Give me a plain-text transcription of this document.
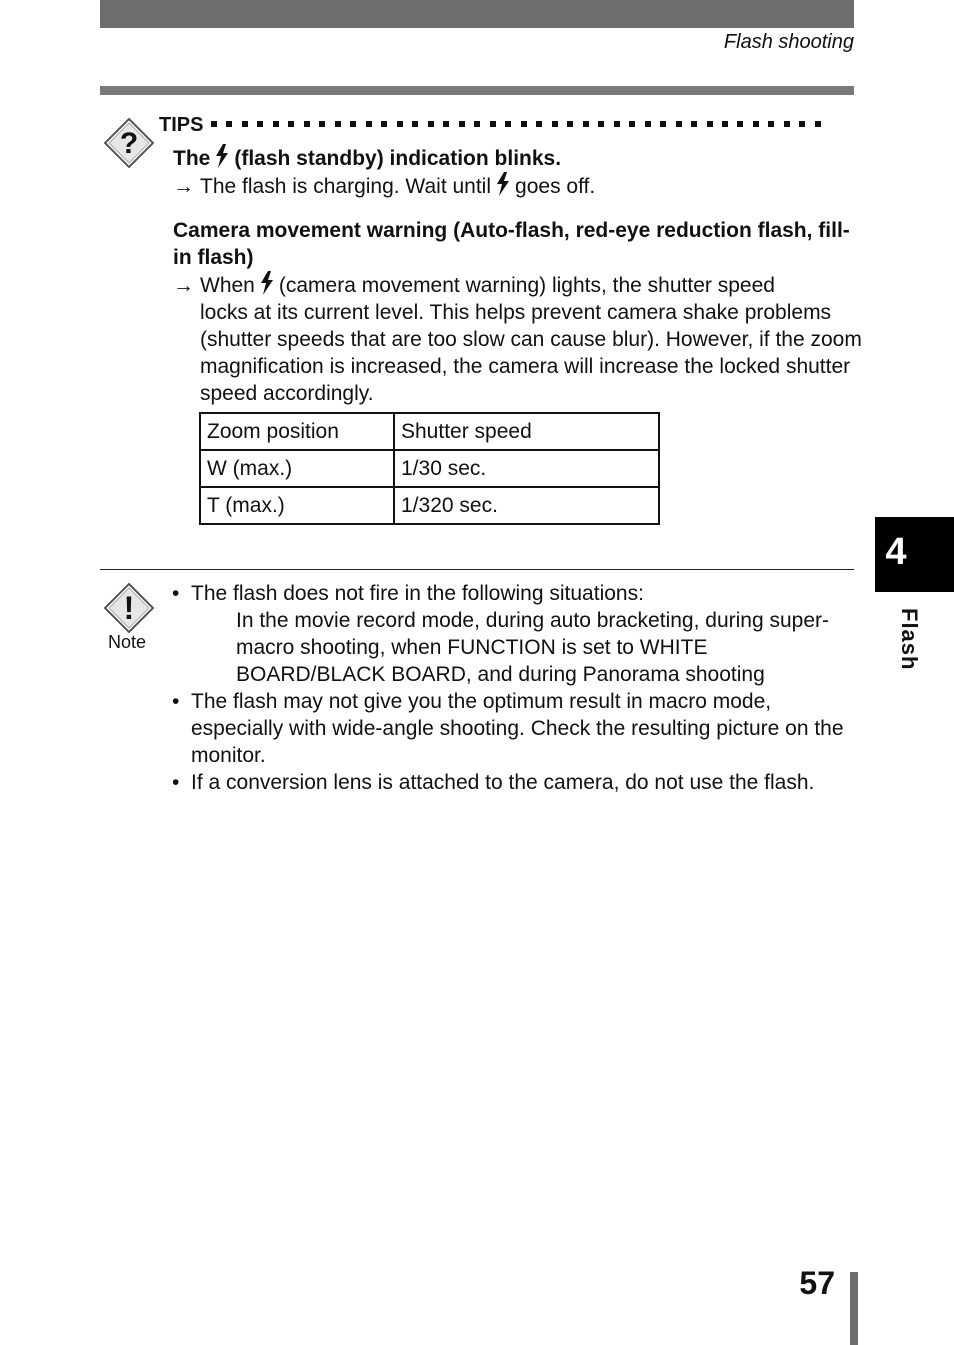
Flash shooting
?
TIPS
The (flash standby) indication blinks.
→ The flash is charging. Wait until goes off.
Camera movement warning (Auto-flash, red-eye reduction flash, fill-in flash)
→ When (camera movement warning) lights, the shutter speed
locks at its current level. This helps prevent camera shake problems (shutter speeds that are too slow can cause blur). However, if the zoom magnification is increased, the camera will increase the locked shutter speed accordingly.
Zoom position	Shutter speed
W (max.)	1/30 sec.
T (max.)	1/320 sec.
!
Note
• The flash does not fire in the following situations:
In the movie record mode, during auto bracketing, during super-macro shooting, when FUNCTION is set to WHITE BOARD/BLACK BOARD, and during Panorama shooting
• The flash may not give you the optimum result in macro mode, especially with wide-angle shooting. Check the resulting picture on the monitor.
• If a conversion lens is attached to the camera, do not use the flash.
4
Flash
57
